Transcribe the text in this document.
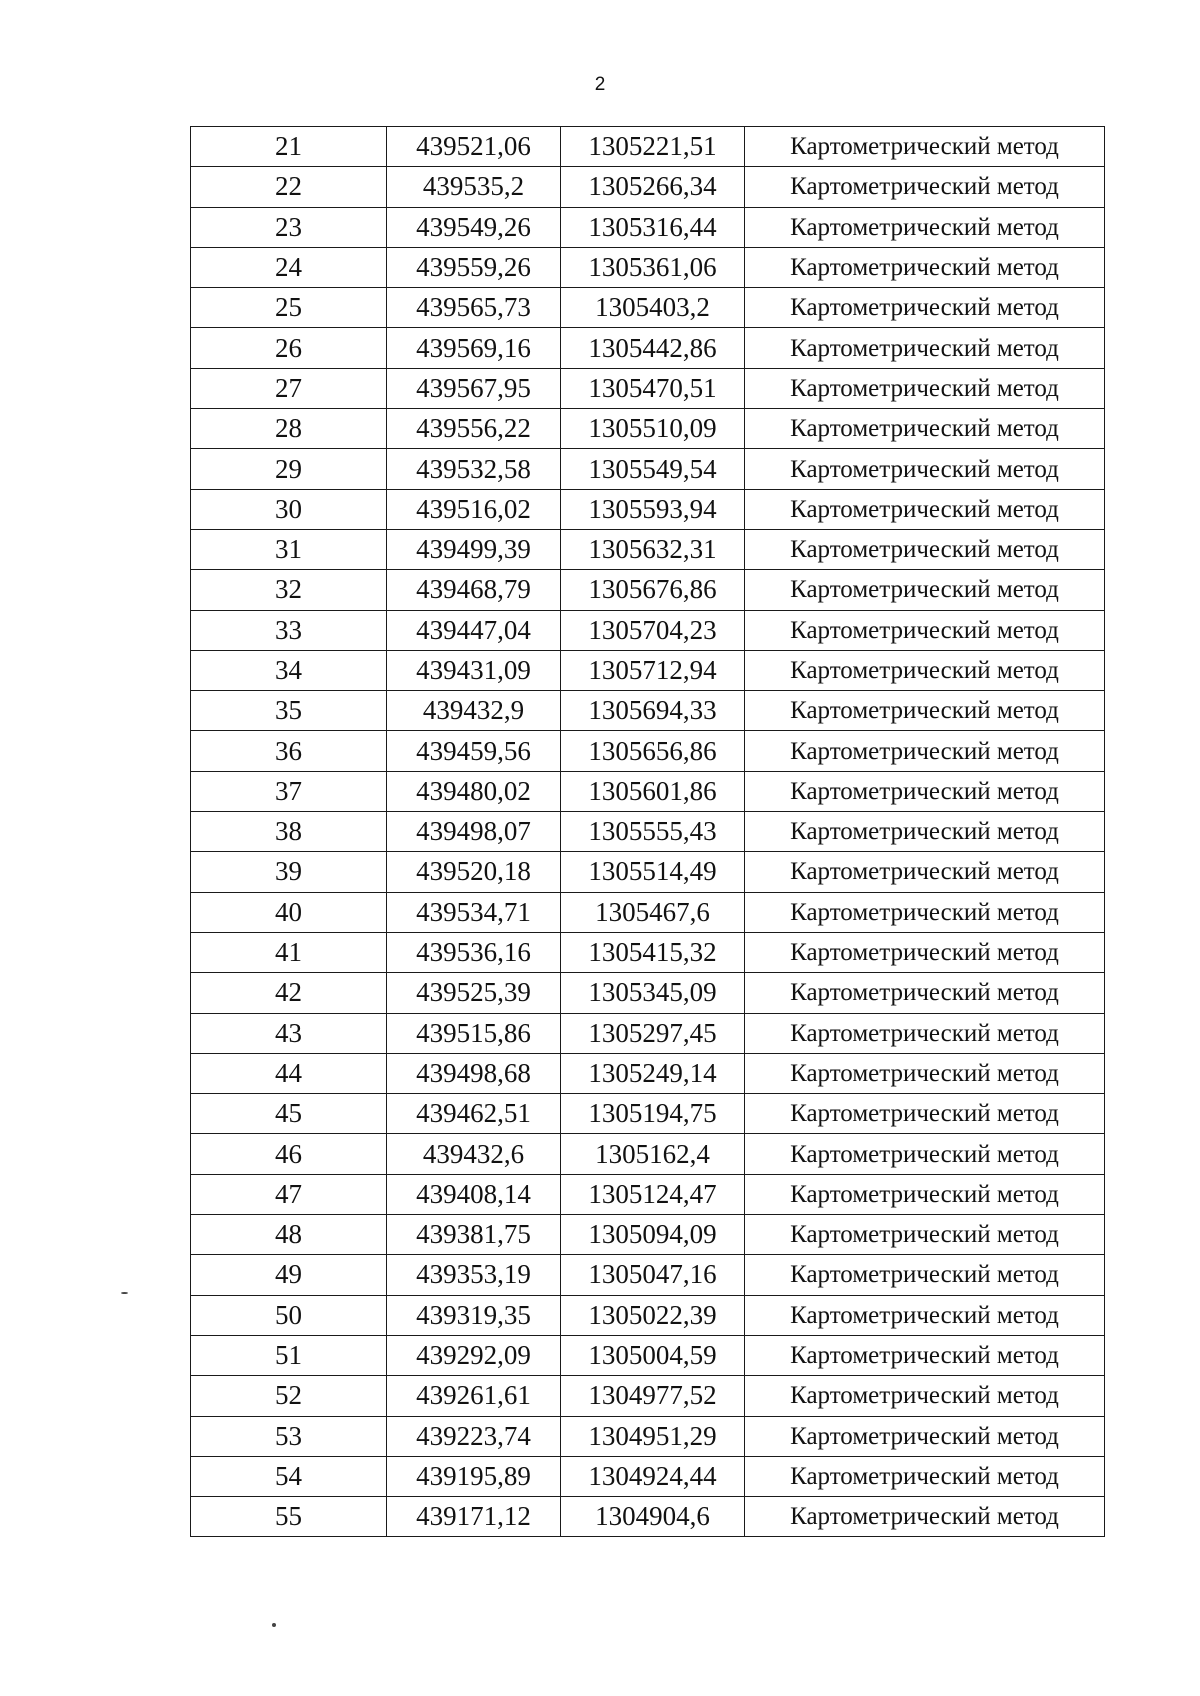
2
21	439521,06	1305221,51	Картометрический метод
22	439535,2	1305266,34	Картометрический метод
23	439549,26	1305316,44	Картометрический метод
24	439559,26	1305361,06	Картометрический метод
25	439565,73	1305403,2	Картометрический метод
26	439569,16	1305442,86	Картометрический метод
27	439567,95	1305470,51	Картометрический метод
28	439556,22	1305510,09	Картометрический метод
29	439532,58	1305549,54	Картометрический метод
30	439516,02	1305593,94	Картометрический метод
31	439499,39	1305632,31	Картометрический метод
32	439468,79	1305676,86	Картометрический метод
33	439447,04	1305704,23	Картометрический метод
34	439431,09	1305712,94	Картометрический метод
35	439432,9	1305694,33	Картометрический метод
36	439459,56	1305656,86	Картометрический метод
37	439480,02	1305601,86	Картометрический метод
38	439498,07	1305555,43	Картометрический метод
39	439520,18	1305514,49	Картометрический метод
40	439534,71	1305467,6	Картометрический метод
41	439536,16	1305415,32	Картометрический метод
42	439525,39	1305345,09	Картометрический метод
43	439515,86	1305297,45	Картометрический метод
44	439498,68	1305249,14	Картометрический метод
45	439462,51	1305194,75	Картометрический метод
46	439432,6	1305162,4	Картометрический метод
47	439408,14	1305124,47	Картометрический метод
48	439381,75	1305094,09	Картометрический метод
49	439353,19	1305047,16	Картометрический метод
50	439319,35	1305022,39	Картометрический метод
51	439292,09	1305004,59	Картометрический метод
52	439261,61	1304977,52	Картометрический метод
53	439223,74	1304951,29	Картометрический метод
54	439195,89	1304924,44	Картометрический метод
55	439171,12	1304904,6	Картометрический метод
